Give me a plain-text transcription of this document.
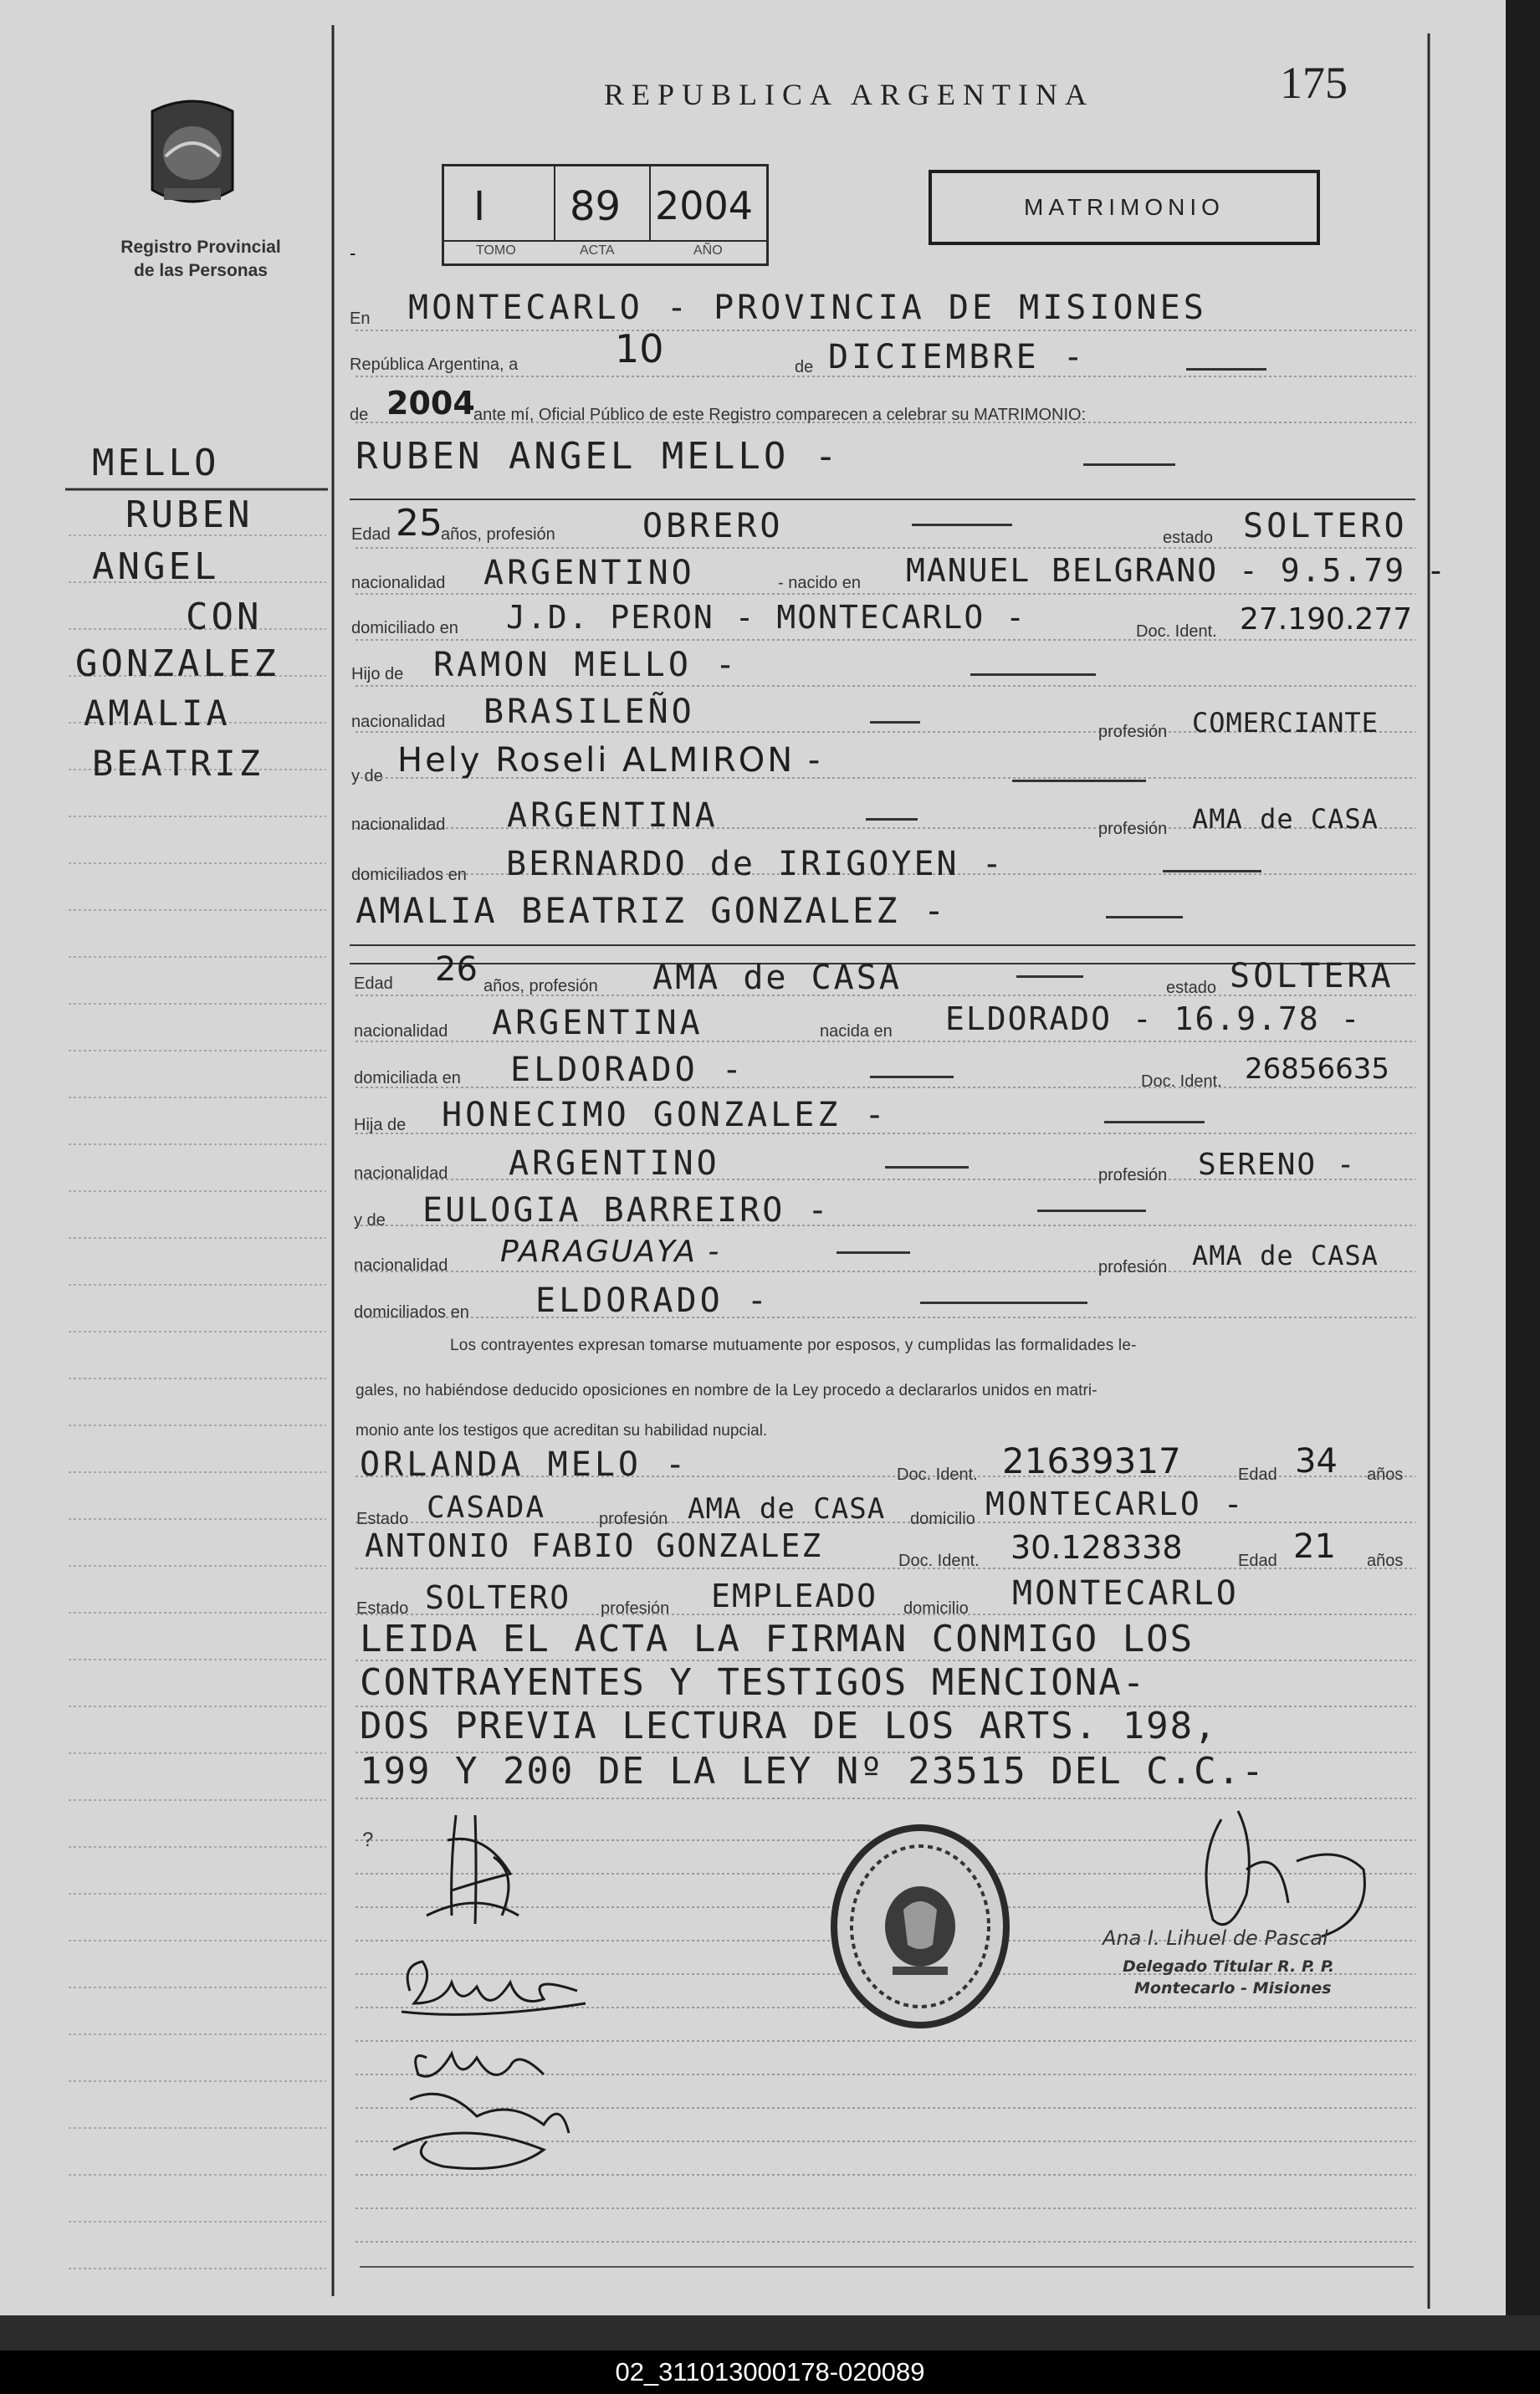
Registro Provincial
de las Personas
REPUBLICA ARGENTINA	175
-
I 89 2004
TOMO	ACTA	AÑO
MATRIMONIO
MELLO
RUBEN
ANGEL
CON
GONZALEZ
AMALIA
BEATRIZ
En MONTECARLO - PROVINCIA DE MISIONES
República Argentina, a	10	de DICIEMBRE -
de 2004
ante mí, Oficial Público de este Registro comparecen a celebrar su MATRIMONIO:
RUBEN ANGEL MELLO -
Edad 25
años, profesión	OBRERO	estado SOLTERO
nacionalidad ARGENTINO	- nacido en MANUEL BELGRANO - 9.5.79 -
domiciliado en J.D. PERON - MONTECARLO -	Doc. Ident. 27.190.277
Hijo de RAMON MELLO -
nacionalidad BRASILEÑO
profesión COMERCIANTE
y de Hely Roseli ALMIRON -
nacionalidad ARGENTINA	profesión AMA de CASA
domiciliados en BERNARDO de IRIGOYEN -
AMALIA BEATRIZ GONZALEZ -
Edad 26 años, profesión AMA de CASA	estado SOLTERA
nacionalidad ARGENTINA	nacida en ELDORADO - 16.9.78 -
domiciliada en ELDORADO -	Doc. Ident. 26856635
Hija de HONECIMO GONZALEZ -
nacionalidad ARGENTINO	profesión SERENO -
y de EULOGIA BARREIRO -
nacionalidad PARAGUAYA -	profesión AMA de CASA
domiciliados en ELDORADO -
Los contrayentes expresan tomarse mutuamente por esposos, y cumplidas las formalidades le-
gales, no habiéndose deducido oposiciones en nombre de la Ley procedo a declararlos unidos en matri-
monio ante los testigos que acreditan su habilidad nupcial.
ORLANDA MELO -	Doc. Ident. 21639317	Edad 34 años
Estado CASADA	profesión AMA de CASA domicilio MONTECARLO -
ANTONIO FABIO GONZALEZ	Doc. Ident. 30.128338	Edad 21 años
Estado SOLTERO profesión EMPLEADO domicilio MONTECARLO
LEIDA EL ACTA LA FIRMAN CONMIGO LOS
CONTRAYENTES Y TESTIGOS MENCIONA-
DOS PREVIA LECTURA DE LOS ARTS. 198,
199 Y 200 DE LA LEY Nº 23515 DEL C.C.-
Ana I. Lihuel de Pascal
Delegado Titular R. P. P.
Montecarlo - Misiones
?
02_311013000178-020089
